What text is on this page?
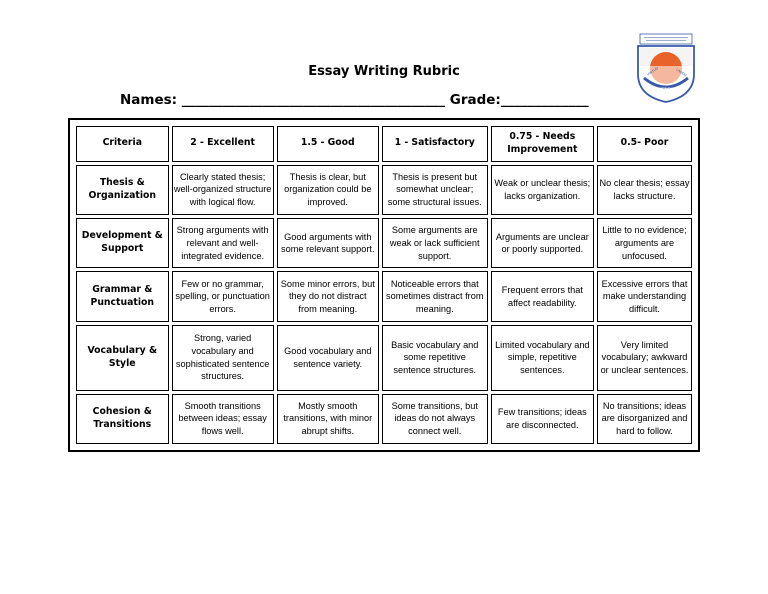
VIRTUD	LABOR
CIENCIA
Essay Writing Rubric
Names: _______________________________________ Grade:_____________
Criteria	2 - Excellent	1.5 - Good	1 - Satisfactory	0.75 - Needs Improvement	0.5- Poor
Thesis & Organization	Clearly stated thesis; well-organized structure with logical flow.	Thesis is clear, but organization could be improved.	Thesis is present but somewhat unclear; some structural issues.	Weak or unclear thesis; lacks organization.	No clear thesis; essay lacks structure.
Development & Support	Strong arguments with relevant and well-integrated evidence.	Good arguments with some relevant support.	Some arguments are weak or lack sufficient support.	Arguments are unclear or poorly supported.	Little to no evidence; arguments are unfocused.
Grammar & Punctuation	Few or no grammar, spelling, or punctuation errors.	Some minor errors, but they do not distract from meaning.	Noticeable errors that sometimes distract from meaning.	Frequent errors that affect readability.	Excessive errors that make understanding difficult.
Vocabulary & Style	Strong, varied vocabulary and sophisticated sentence structures.	Good vocabulary and sentence variety.	Basic vocabulary and some repetitive sentence structures.	Limited vocabulary and simple, repetitive sentences.	Very limited vocabulary; awkward or unclear sentences.
Cohesion & Transitions	Smooth transitions between ideas; essay flows well.	Mostly smooth transitions, with minor abrupt shifts.	Some transitions, but ideas do not always connect well.	Few transitions; ideas are disconnected.	No transitions; ideas are disorganized and hard to follow.
